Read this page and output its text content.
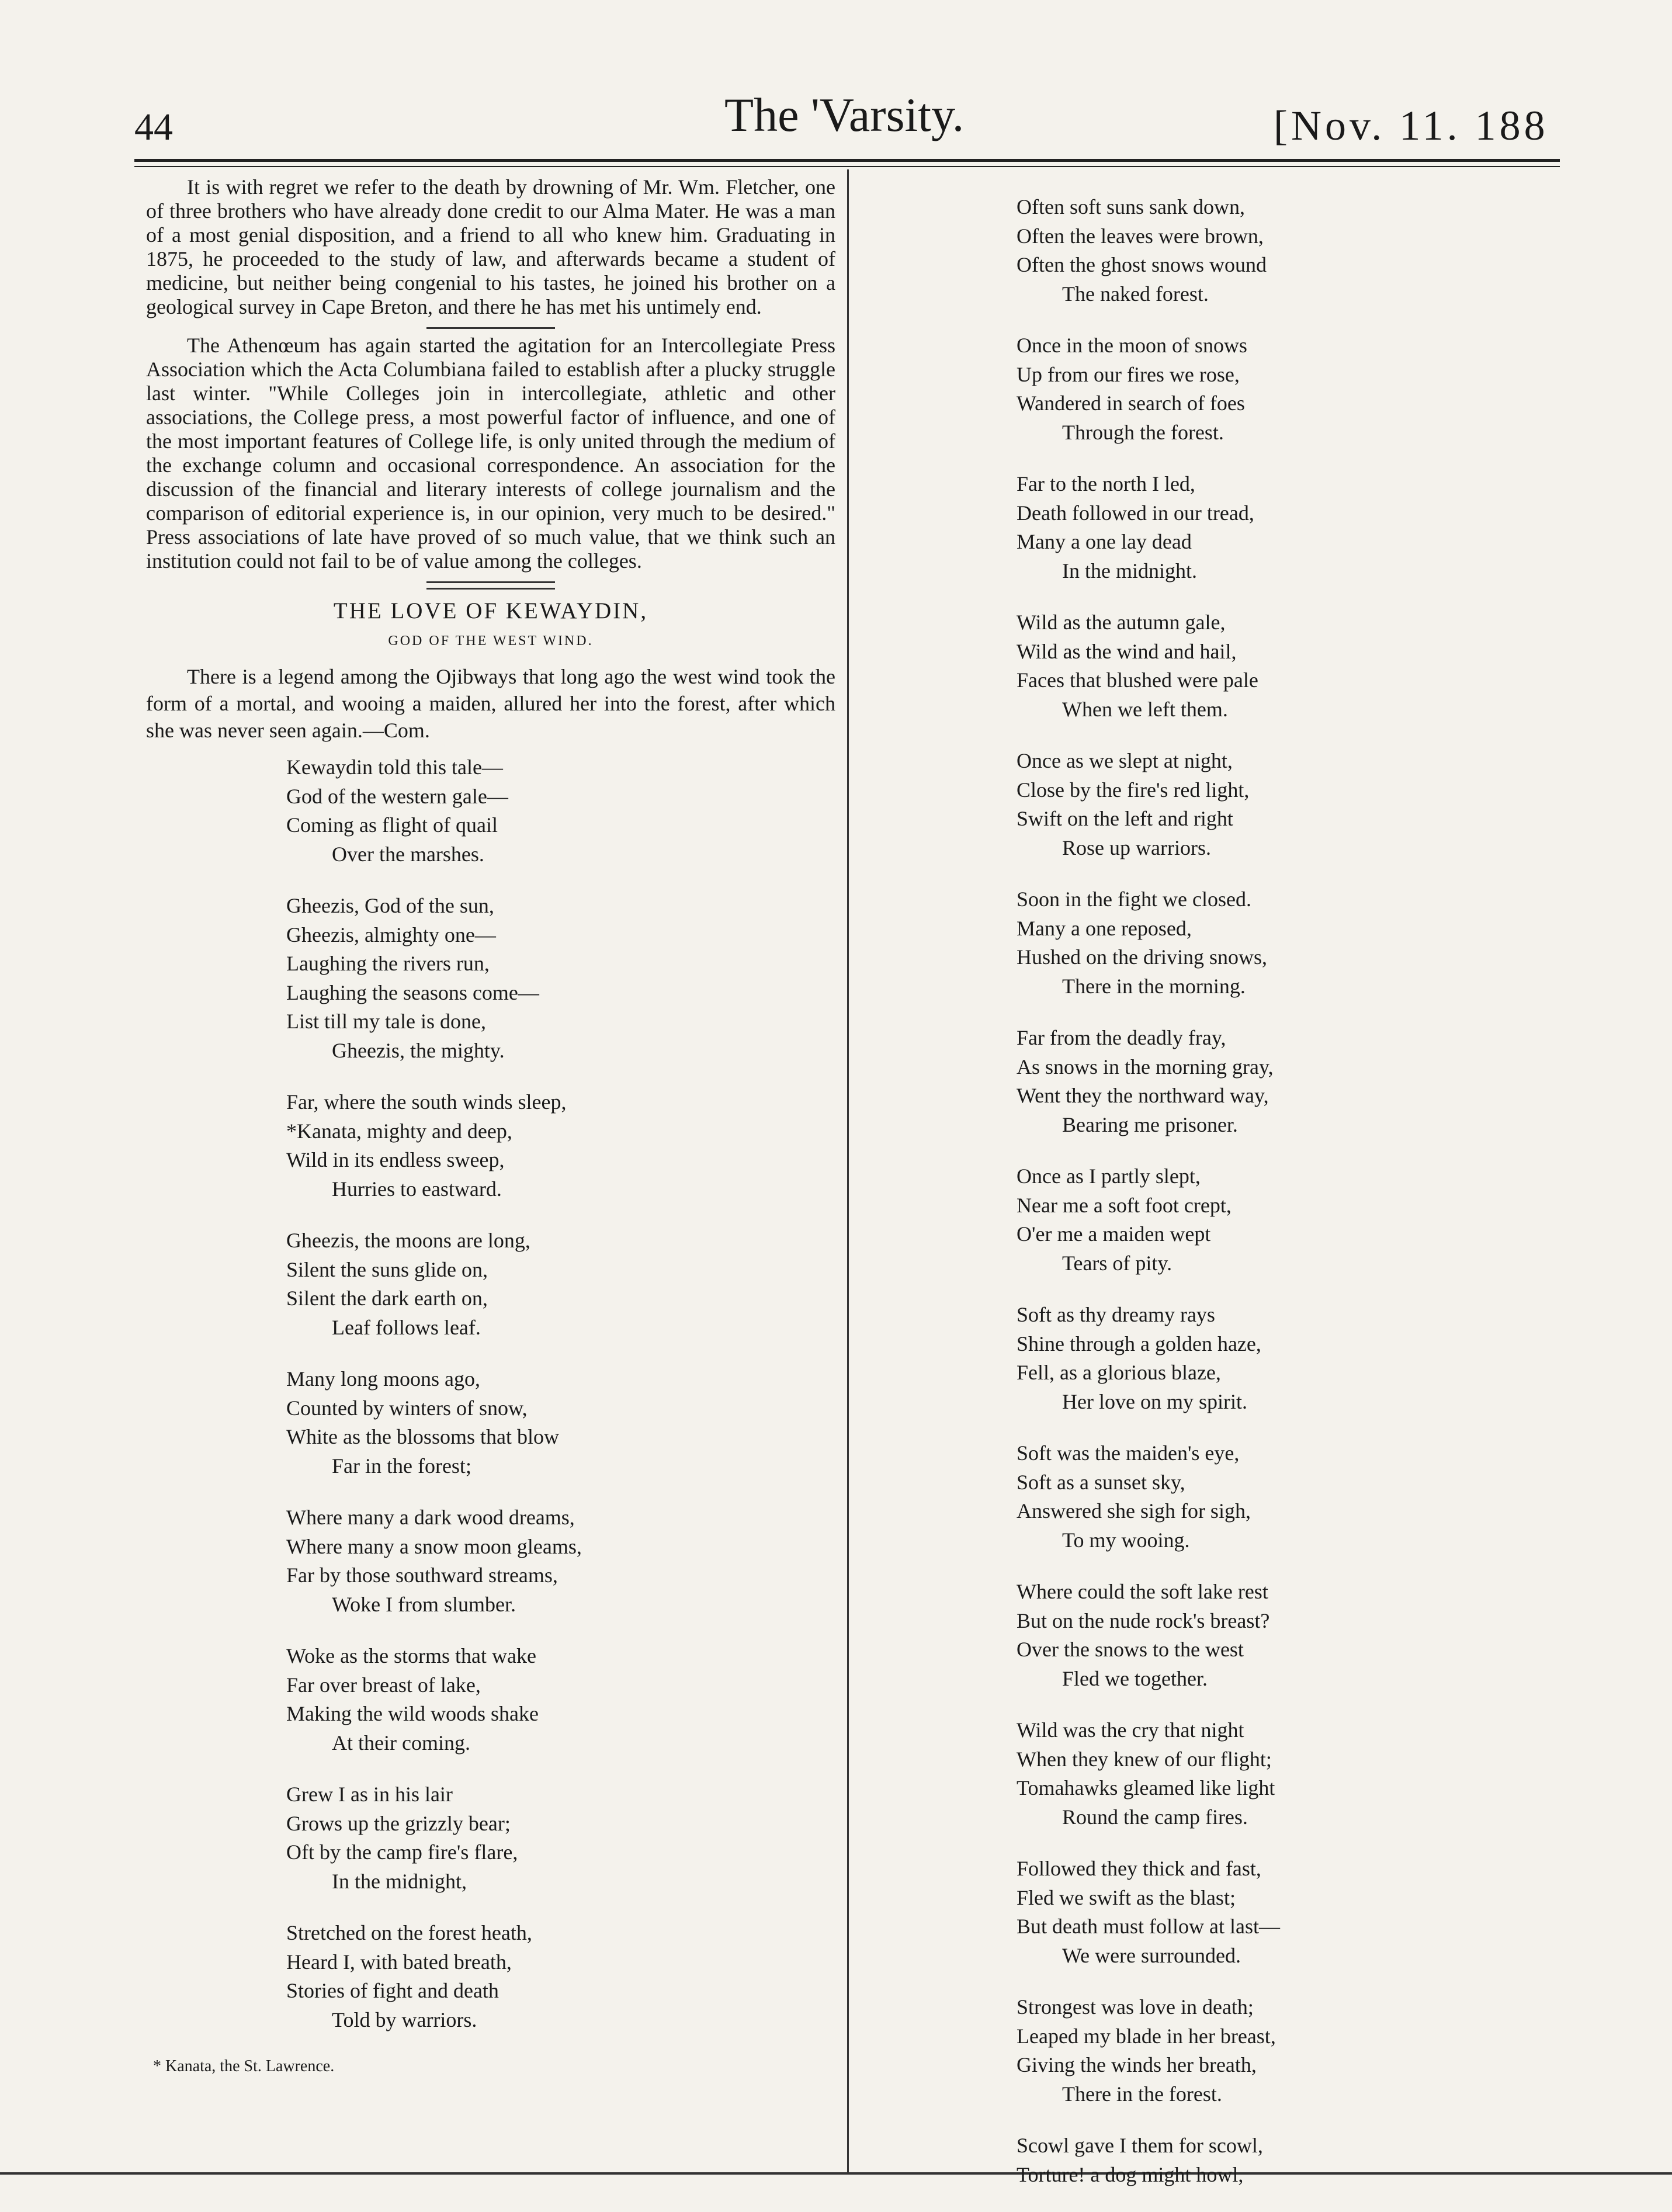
44	The 'Varsity.	[Nov. 11. 188

It is with regret we refer to the death by drowning of Mr. Wm. Fletcher, one of three brothers who have already done credit to our Alma Mater. He was a man of a most genial disposition, and a friend to all who knew him. Graduating in 1875, he proceeded to the study of law, and afterwards became a student of medicine, but neither being congenial to his tastes, he joined his brother on a geological survey in Cape Breton, and there he has met his untimely end.

The Athenœum has again started the agitation for an Intercollegiate Press Association which the Acta Columbiana failed to establish after a plucky struggle last winter. "While Colleges join in intercollegiate, athletic and other associations, the College press, a most powerful factor of influence, and one of the most important features of College life, is only united through the medium of the exchange column and occasional correspondence. An association for the discussion of the financial and literary interests of college journalism and the comparison of editorial experience is, in our opinion, very much to be desired." Press associations of late have proved of so much value, that we think such an institution could not fail to be of value among the colleges.

THE LOVE OF KEWAYDIN,
GOD OF THE WEST WIND.

There is a legend among the Ojibways that long ago the west wind took the form of a mortal, and wooing a maiden, allured her into the forest, after which she was never seen again.—Com.

Kewaydin told this tale—
God of the western gale—
Coming as flight of quail
Over the marshes.
Gheezis, God of the sun,
Gheezis, almighty one—
Laughing the rivers run,
Laughing the seasons come—
List till my tale is done,
Gheezis, the mighty.
Far, where the south winds sleep,
*Kanata, mighty and deep,
Wild in its endless sweep,
Hurries to eastward.
Gheezis, the moons are long,
Silent the suns glide on,
Silent the dark earth on,
Leaf follows leaf.
Many long moons ago,
Counted by winters of snow,
White as the blossoms that blow
Far in the forest;
Where many a dark wood dreams,
Where many a snow moon gleams,
Far by those southward streams,
Woke I from slumber.
Woke as the storms that wake
Far over breast of lake,
Making the wild woods shake
At their coming.
Grew I as in his lair
Grows up the grizzly bear;
Oft by the camp fire's flare,
In the midnight,
Stretched on the forest heath,
Heard I, with bated breath,
Stories of fight and death
Told by warriors.
* Kanata, the St. Lawrence.
Often soft suns sank down,
Often the leaves were brown,
Often the ghost snows wound
The naked forest.
Once in the moon of snows
Up from our fires we rose,
Wandered in search of foes
Through the forest.
Far to the north I led,
Death followed in our tread,
Many a one lay dead
In the midnight.
Wild as the autumn gale,
Wild as the wind and hail,
Faces that blushed were pale
When we left them.
Once as we slept at night,
Close by the fire's red light,
Swift on the left and right
Rose up warriors.
Soon in the fight we closed.
Many a one reposed,
Hushed on the driving snows,
There in the morning.
Far from the deadly fray,
As snows in the morning gray,
Went they the northward way,
Bearing me prisoner.
Once as I partly slept,
Near me a soft foot crept,
O'er me a maiden wept
Tears of pity.
Soft as thy dreamy rays
Shine through a golden haze,
Fell, as a glorious blaze,
Her love on my spirit.
Soft was the maiden's eye,
Soft as a sunset sky,
Answered she sigh for sigh,
To my wooing.
Where could the soft lake rest
But on the nude rock's breast?
Over the snows to the west
Fled we together.
Wild was the cry that night
When they knew of our flight;
Tomahawks gleamed like light
Round the camp fires.
Followed they thick and fast,
Fled we swift as the blast;
But death must follow at last—
We were surrounded.
Strongest was love in death;
Leaped my blade in her breast,
Giving the winds her breath,
There in the forest.
Scowl gave I them for scowl,
Torture! a dog might howl,
